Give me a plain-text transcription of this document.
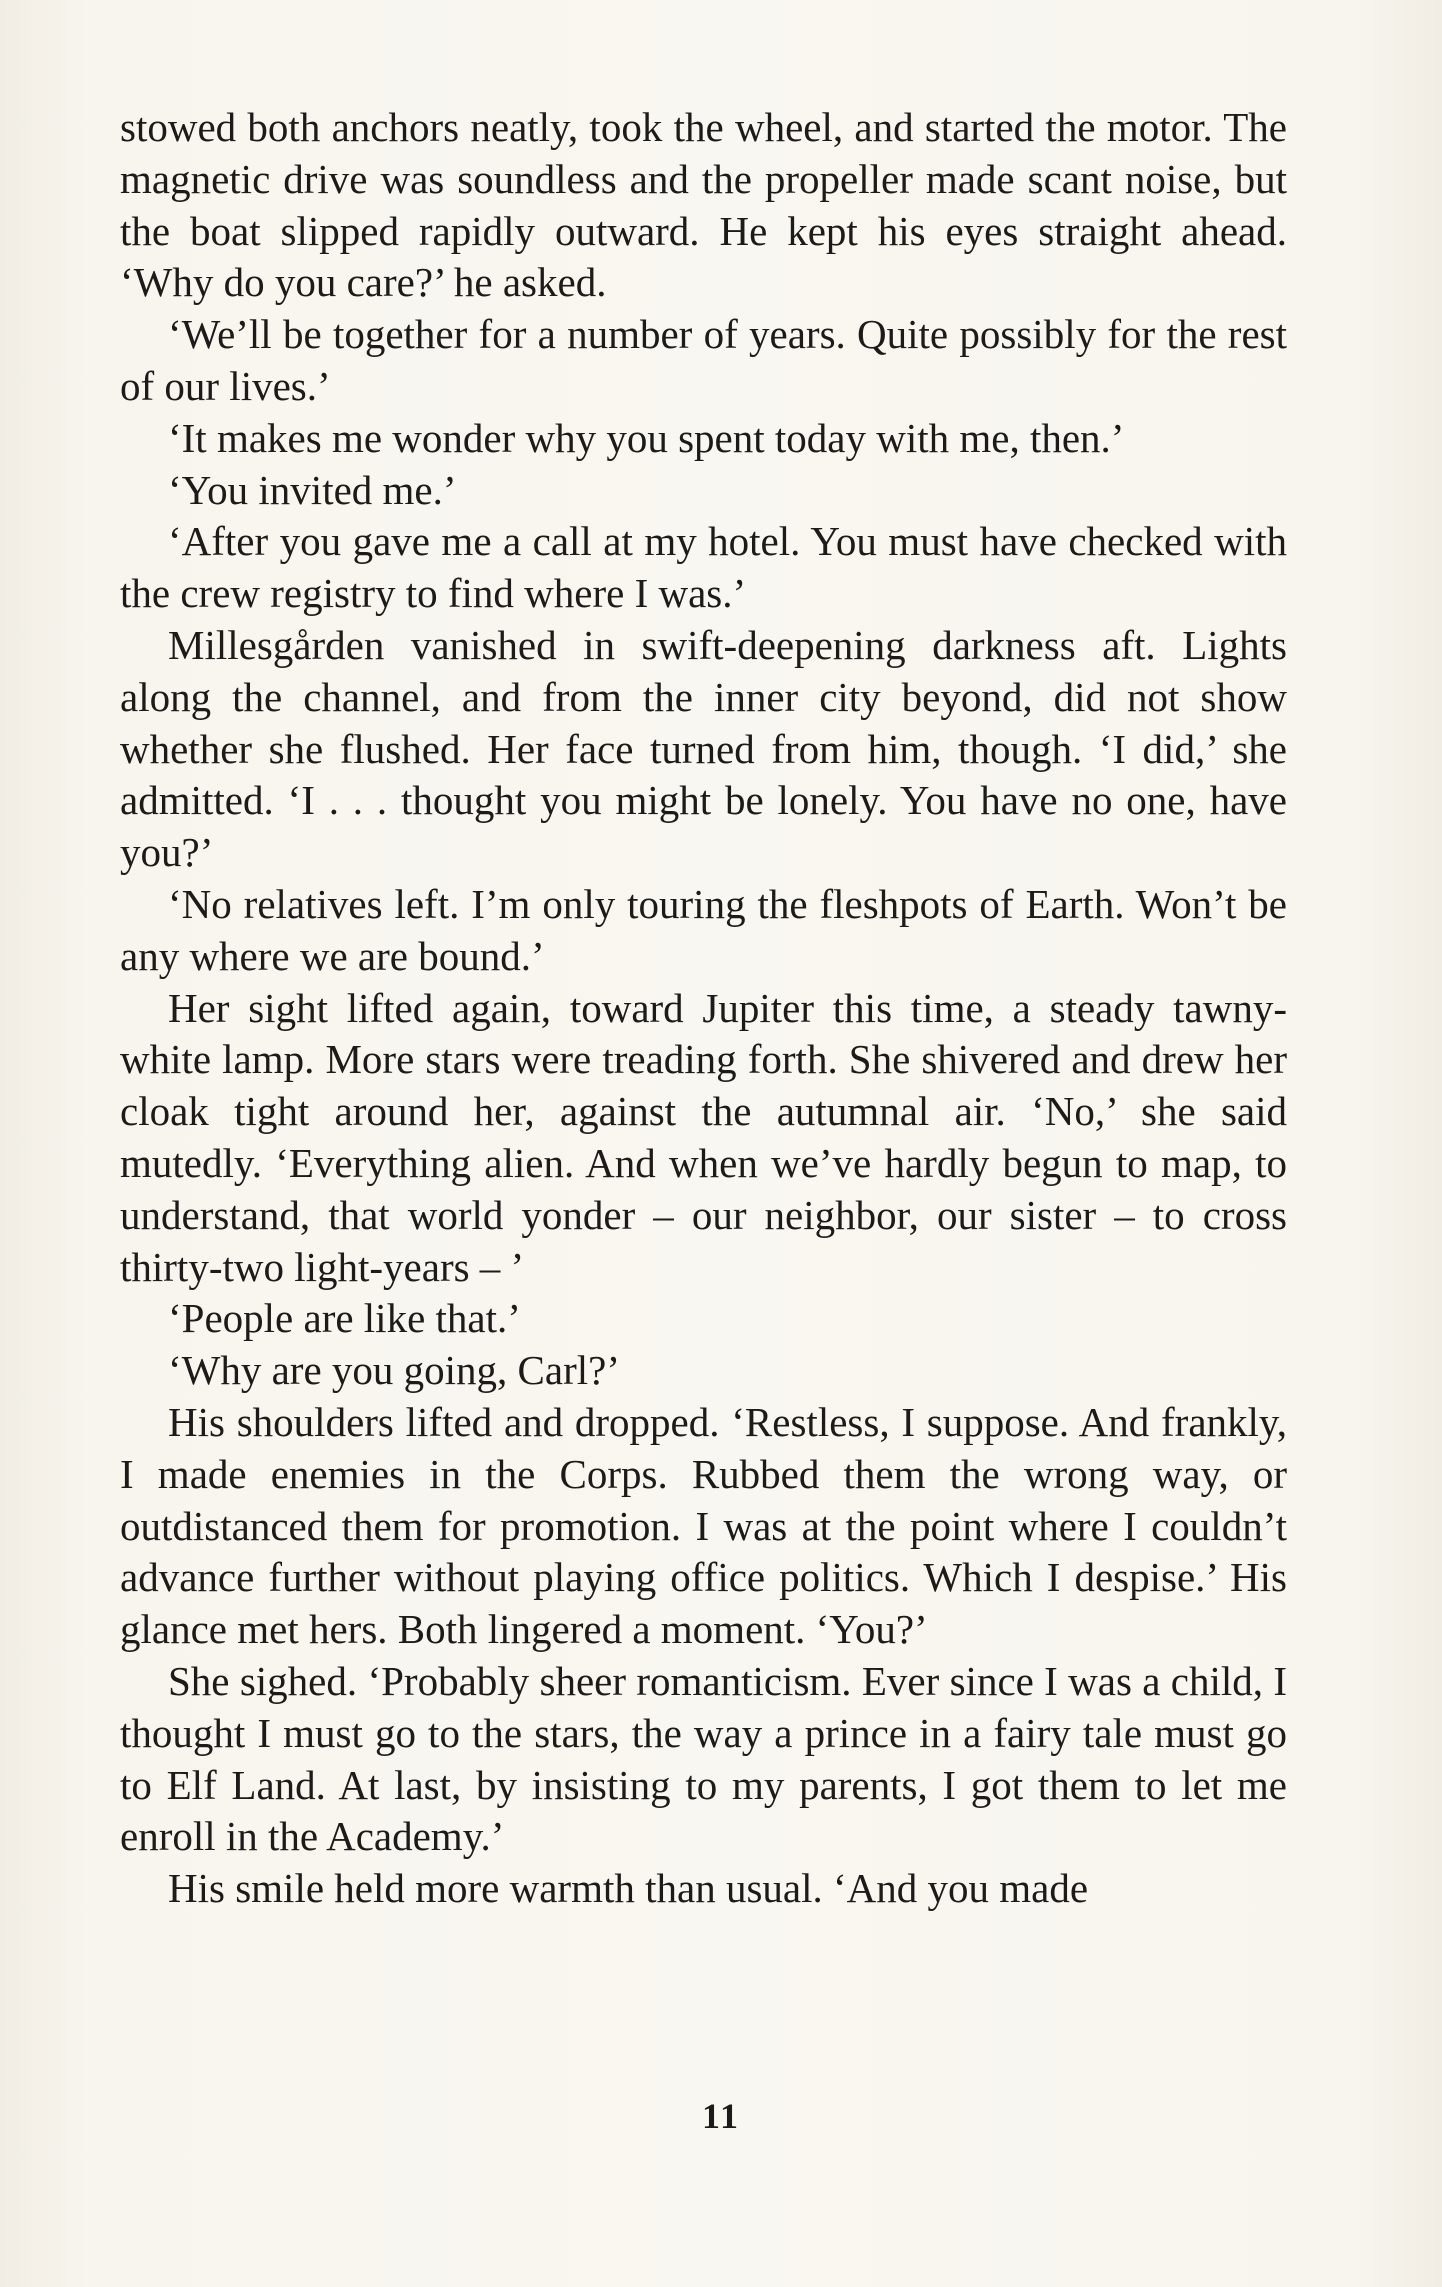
stowed both anchors neatly, took the wheel, and started the motor. The magnetic drive was soundless and the propeller made scant noise, but the boat slipped rapidly outward. He kept his eyes straight ahead. ‘Why do you care?’ he asked.

‘We’ll be together for a number of years. Quite possibly for the rest of our lives.’

‘It makes me wonder why you spent today with me, then.’

‘You invited me.’

‘After you gave me a call at my hotel. You must have checked with the crew registry to find where I was.’

Millesgården vanished in swift-deepening darkness aft. Lights along the channel, and from the inner city beyond, did not show whether she flushed. Her face turned from him, though. ‘I did,’ she admitted. ‘I . . . thought you might be lonely. You have no one, have you?’

‘No relatives left. I’m only touring the fleshpots of Earth. Won’t be any where we are bound.’

Her sight lifted again, toward Jupiter this time, a steady tawny-white lamp. More stars were treading forth. She shivered and drew her cloak tight around her, against the autumnal air. ‘No,’ she said mutedly. ‘Everything alien. And when we’ve hardly begun to map, to understand, that world yonder – our neighbor, our sister – to cross thirty-two light-years – ’

‘People are like that.’

‘Why are you going, Carl?’

His shoulders lifted and dropped. ‘Restless, I suppose. And frankly, I made enemies in the Corps. Rubbed them the wrong way, or outdistanced them for promotion. I was at the point where I couldn’t advance further without playing office politics. Which I despise.’ His glance met hers. Both lingered a moment. ‘You?’

She sighed. ‘Probably sheer romanticism. Ever since I was a child, I thought I must go to the stars, the way a prince in a fairy tale must go to Elf Land. At last, by insisting to my parents, I got them to let me enroll in the Academy.’

His smile held more warmth than usual. ‘And you made

11
